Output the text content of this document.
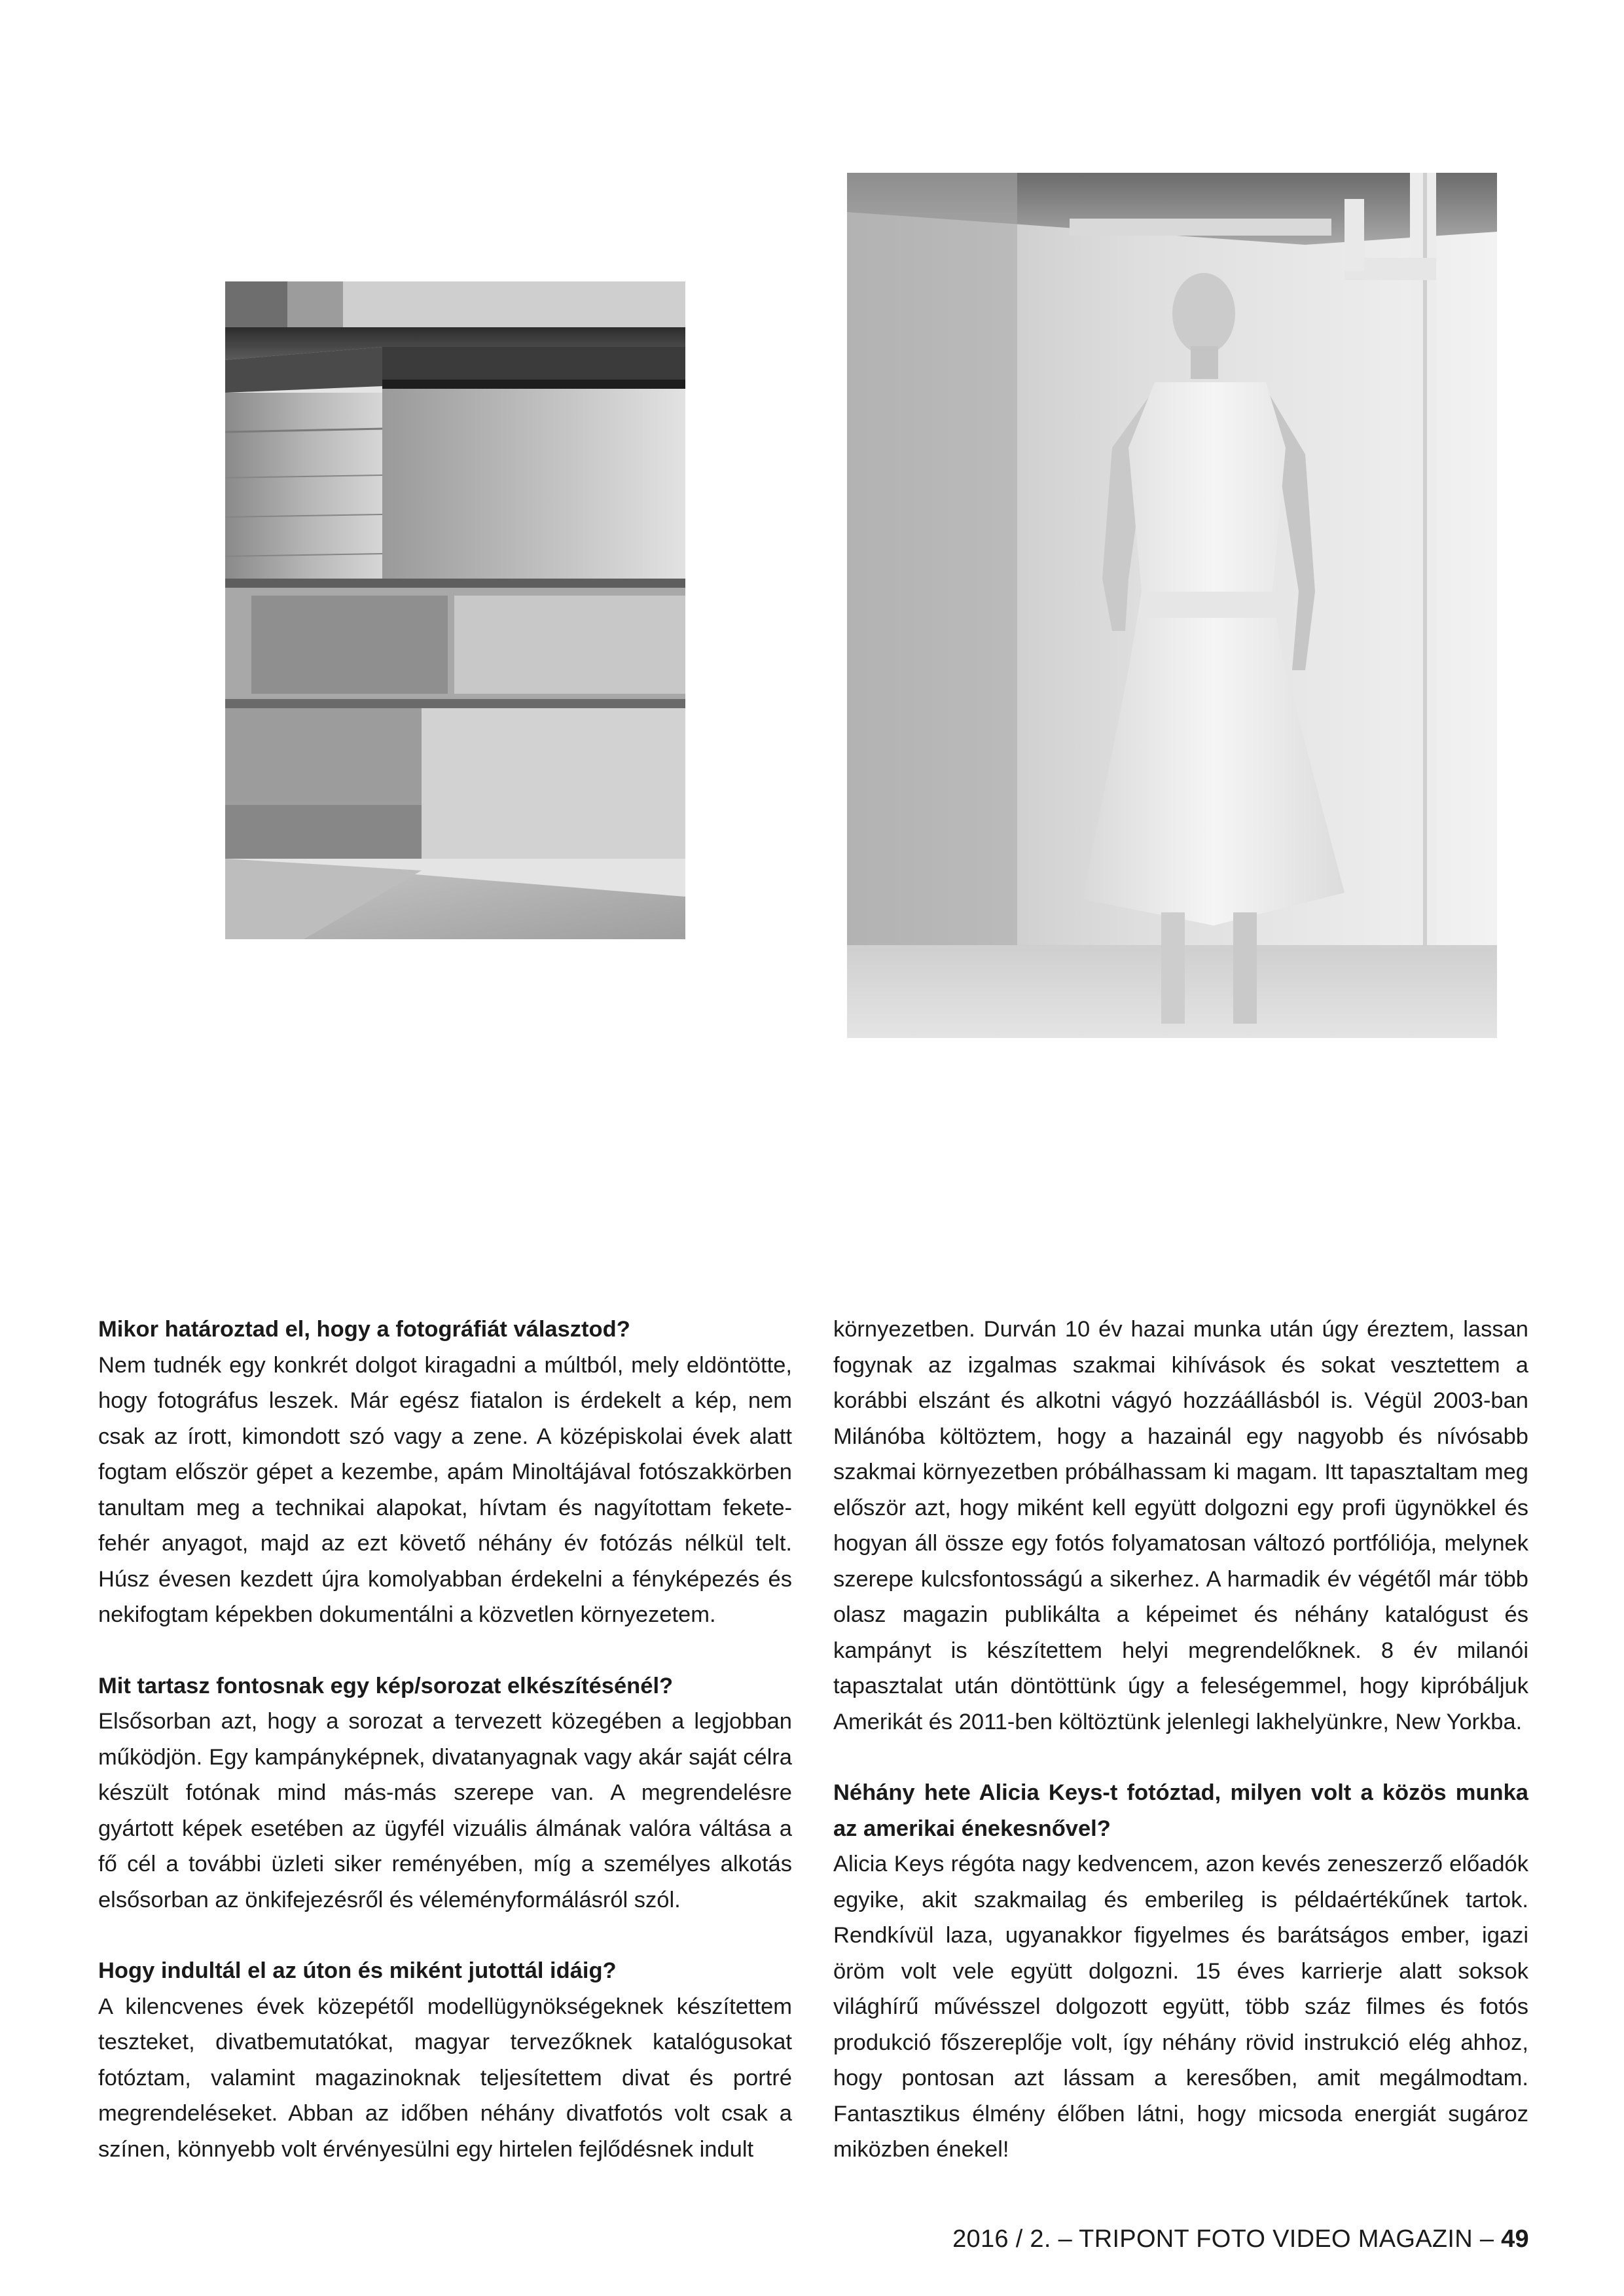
Mikor határoztad el, hogy a fotográfiát választod?

Nem tudnék egy konkrét dolgot kiragadni a múltból, mely eldöntötte, hogy fotográfus leszek. Már egész fiatalon is érdekelt a kép, nem csak az írott, kimondott szó vagy a zene. A középiskolai évek alatt fogtam először gépet a kezembe, apám Minoltájával fotószakkörben tanultam meg a technikai alapokat, hívtam és nagyítottam fekete-fehér anyagot, majd az ezt követő néhány év fotózás nélkül telt. Húsz évesen kezdett újra komolyabban érdekelni a fényképezés és nekifogtam képekben dokumentálni a közvetlen környezetem.

Mit tartasz fontosnak egy kép/sorozat elkészítésénél?

Elsősorban azt, hogy a sorozat a tervezett közegében a legjobban működjön. Egy kampányképnek, divatanyagnak vagy akár saját célra készült fotónak mind más-más szerepe van. A megrendelésre gyártott képek esetében az ügyfél vizuális álmának valóra váltása a fő cél a további üzleti siker reményében, míg a személyes alkotás elsősorban az önkifejezésről és véleményformálásról szól.

Hogy indultál el az úton és miként jutottál idáig?

A kilencvenes évek közepétől modellügynökségeknek készítettem teszteket, divatbemutatókat, magyar tervezőknek katalógusokat fotóztam, valamint magazinoknak teljesítettem divat és portré megrendeléseket. Abban az időben néhány divatfotós volt csak a színen, könnyebb volt érvényesülni egy hirtelen fejlődésnek indult

környezetben. Durván 10 év hazai munka után úgy éreztem, lassan fogynak az izgalmas szakmai kihívások és sokat vesztettem a korábbi elszánt és alkotni vágyó hozzáállásból is. Végül 2003-ban Milánóba költöztem, hogy a hazainál egy nagyobb és nívósabb szakmai környezetben próbálhassam ki magam. Itt tapasztaltam meg először azt, hogy miként kell együtt dolgozni egy profi ügynökkel és hogyan áll össze egy fotós folyamatosan változó portfóliója, melynek szerepe kulcsfontosságú a sikerhez. A harmadik év végétől már több olasz magazin publikálta a képeimet és néhány katalógust és kampányt is készítettem helyi megrendelőknek. 8 év milanói tapasztalat után döntöttünk úgy a feleségemmel, hogy kipróbáljuk Amerikát és 2011-ben költöztünk jelenlegi lakhelyünkre, New Yorkba.

Néhány hete Alicia Keys-t fotóztad, milyen volt a közös munka az amerikai énekesnővel?

Alicia Keys régóta nagy kedvencem, azon kevés zeneszerző előadók egyike, akit szakmailag és emberileg is példaértékűnek tartok. Rendkívül laza, ugyanakkor figyelmes és barátságos ember, igazi öröm volt vele együtt dolgozni. 15 éves karrierje alatt soksok világhírű művésszel dolgozott együtt, több száz filmes és fotós produkció főszereplője volt, így néhány rövid instrukció elég ahhoz, hogy pontosan azt lássam a keresőben, amit megálmodtam. Fantasztikus élmény élőben látni, hogy micsoda energiát sugároz miközben énekel!

2016 / 2. – TRIPONT FOTO VIDEO MAGAZIN – 49
